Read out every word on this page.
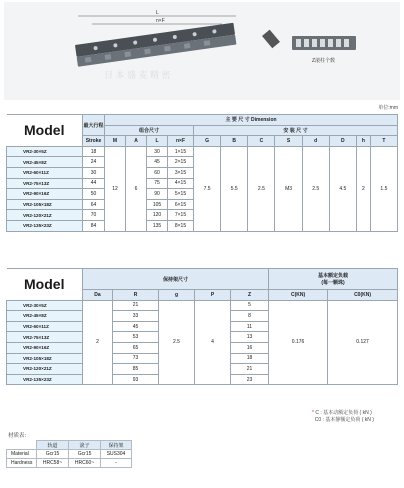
L
n×F
Z滚柱个数
日 本 盛 麦 精 密
单位:mm
Model	最大行程	主 要 尺 寸 Dimension											
		组合尺寸				安 装 尺 寸							
	Stroke	M	A	L	n×F	G	B	C	S	d	D	h	T
VR2-30×5Z	18	12	6	30	1×15	7.5	5.5	2.5	M3	2.5	4.5	2	1.5
VR2-45×8Z	24			45	2×15								
VR2-60×11Z	30			60	3×15								
VR2-75×13Z	44			75	4×15								
VR2-90×16Z	50			90	5×15								
VR2-105×18Z	64			105	6×15								
VR2-120×21Z	70			120	7×15								
VR2-135×23Z	84			135	8×15								
Model	保持架尺寸					基本额定负载
(每一颗珠)	
	Da	R	g	P	Z	C(KN)	C0(KN)
VR2-30×5Z	2	21	2.5	4	5	0.176	0.127
VR2-45×8Z		33			8		
VR2-60×11Z		45			11		
VR2-75×13Z		53			13		
VR2-90×16Z		65			16		
VR2-105×18Z		73			18		
VR2-120×21Z		85			21		
VR2-135×23Z		93			23		
* C : 基本动额定负荷 ( kN )
C0 : 基本静额定负荷 ( kN )
材质表:
	轨道	滚子	保持架
Material	Gcr15	Gcr15	SUS304
Hardness	HRC58~	HRC60~	-
